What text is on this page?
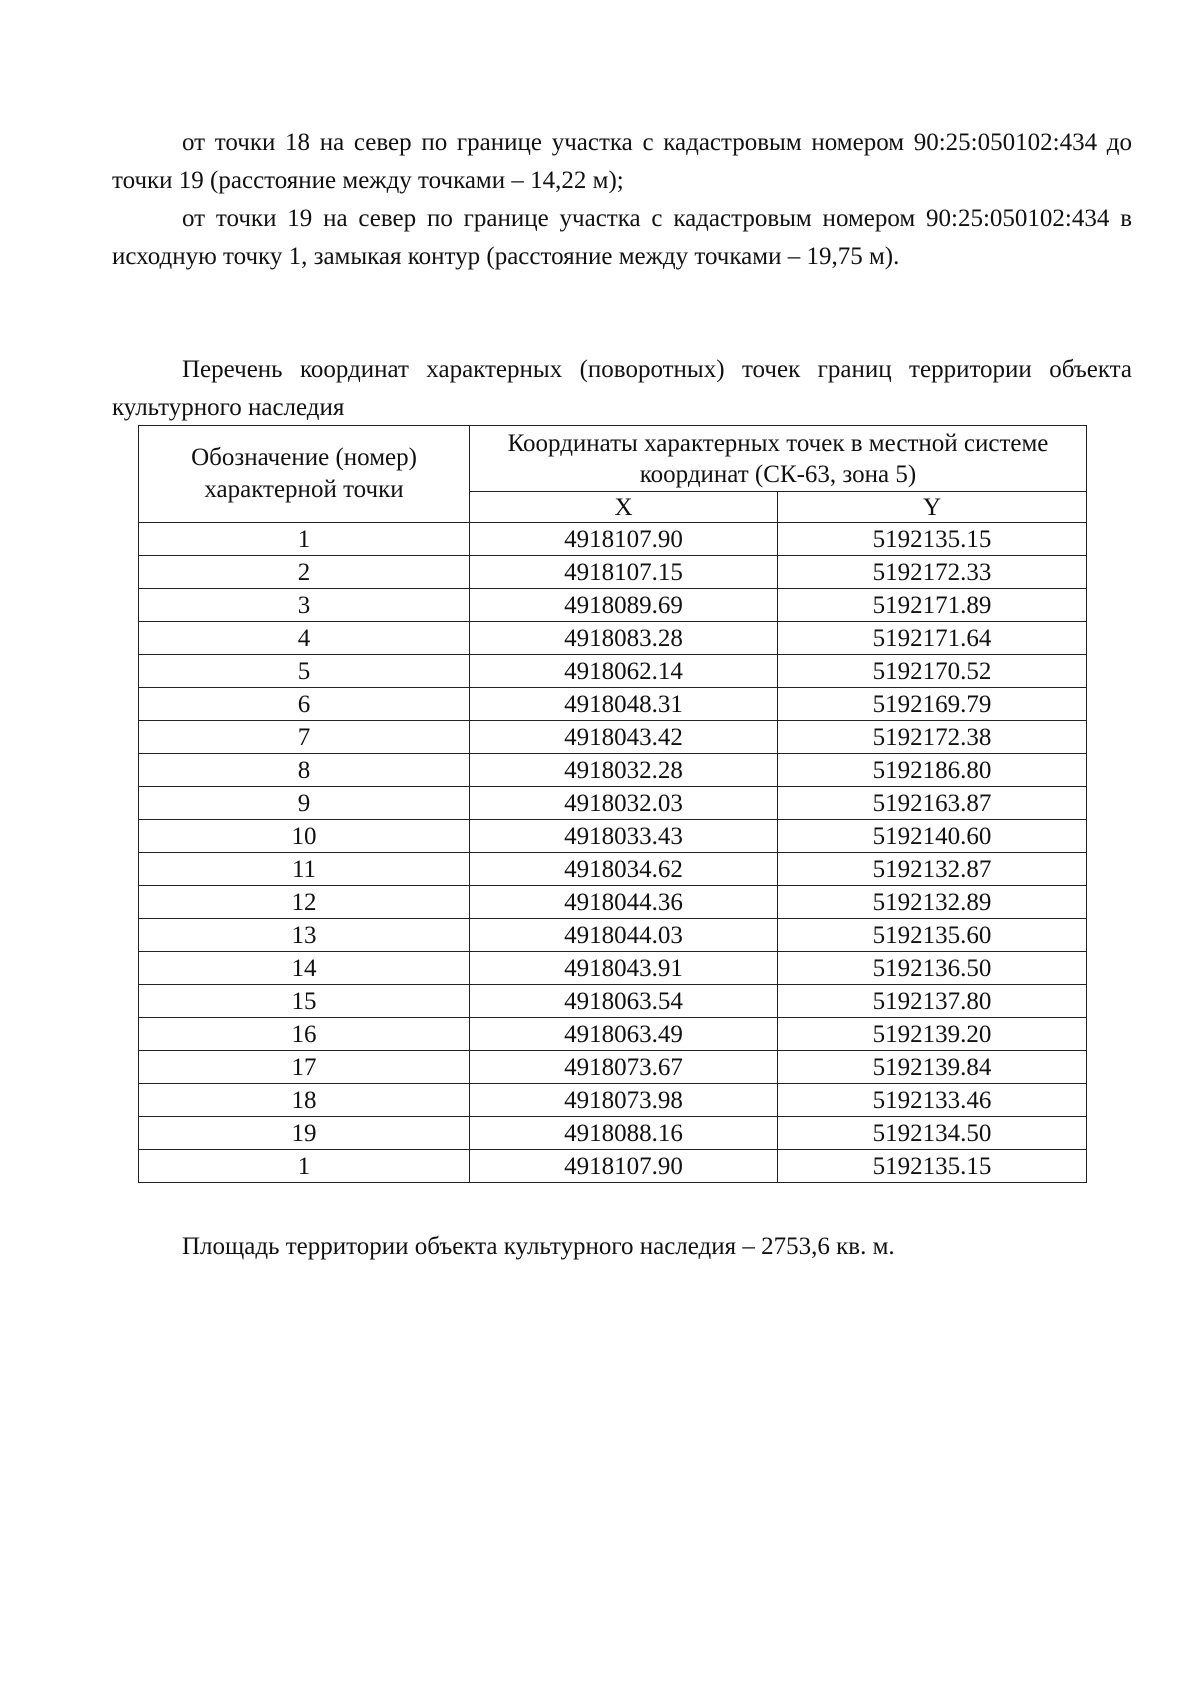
от точки 18 на север по границе участка с кадастровым номером 90:25:050102:434 до точки 19 (расстояние между точками – 14,22 м);

от точки 19 на север по границе участка с кадастровым номером 90:25:050102:434 в исходную точку 1, замыкая контур (расстояние между точками – 19,75 м).

Перечень координат характерных (поворотных) точек границ территории объекта культурного наследия

Обозначение (номер) характерной точки	Координаты характерных точек в местной системе координат (СК-63, зона 5)	
	X	Y
1	4918107.90	5192135.15
2	4918107.15	5192172.33
3	4918089.69	5192171.89
4	4918083.28	5192171.64
5	4918062.14	5192170.52
6	4918048.31	5192169.79
7	4918043.42	5192172.38
8	4918032.28	5192186.80
9	4918032.03	5192163.87
10	4918033.43	5192140.60
11	4918034.62	5192132.87
12	4918044.36	5192132.89
13	4918044.03	5192135.60
14	4918043.91	5192136.50
15	4918063.54	5192137.80
16	4918063.49	5192139.20
17	4918073.67	5192139.84
18	4918073.98	5192133.46
19	4918088.16	5192134.50
1	4918107.90	5192135.15

Площадь территории объекта культурного наследия – 2753,6 кв. м.
